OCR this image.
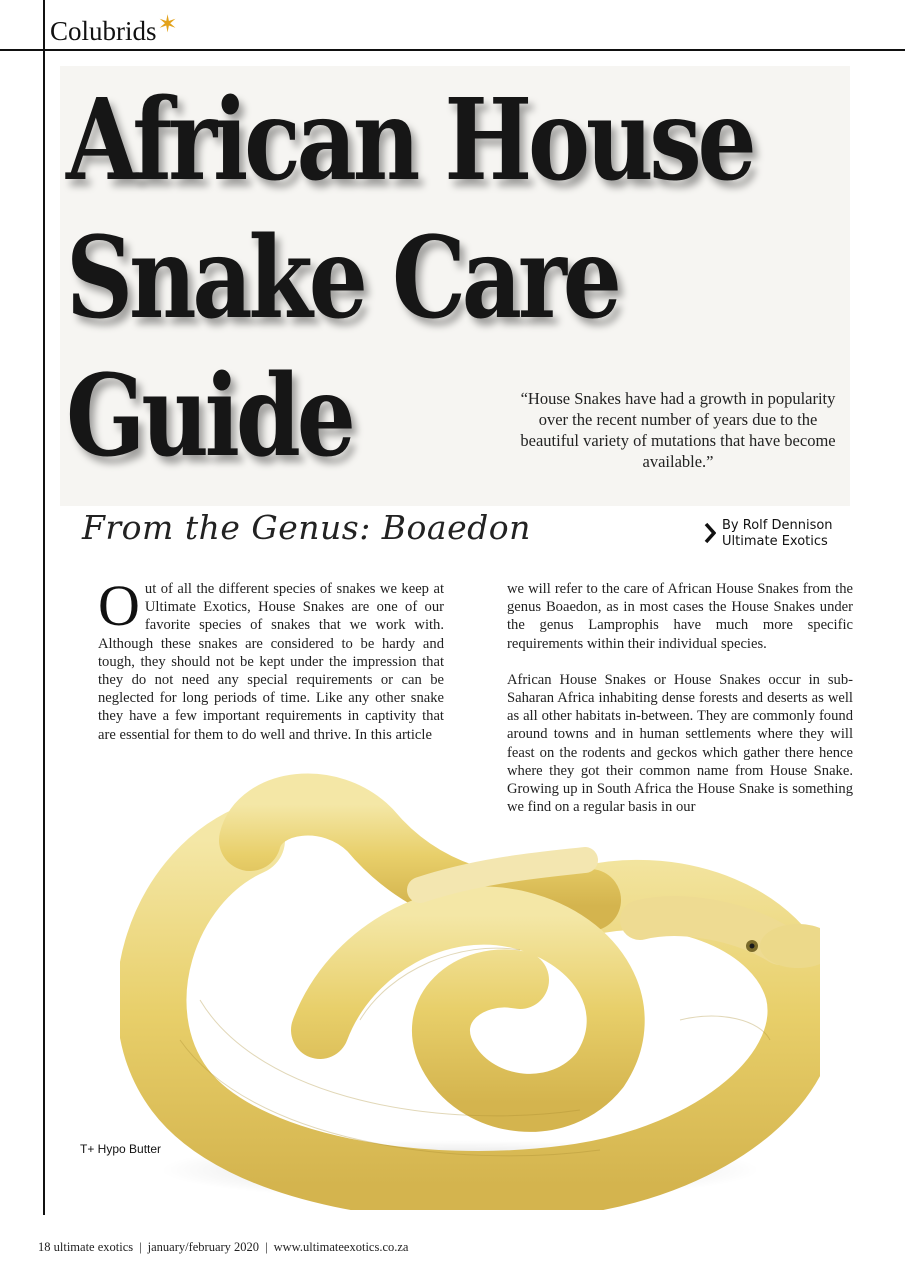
Colubrids✶
African House
Snake Care
Guide	“House Snakes have had a growth in popularity over the recent number of years due to the beautiful variety of mutations that have become available.”
From the Genus: Boaedon	By Rolf Dennison
Ultimate Exotics

Out of all the different species of snakes we keep at Ultimate Exotics, House Snakes are one of our favorite species of snakes that we work with. Although these snakes are considered to be hardy and tough, they should not be kept under the impression that they do not need any special requirements or can be neglected for long periods of time. Like any other snake they have a few important requirements in captivity that are essential for them to do well and thrive. In this article

we will refer to the care of African House Snakes from the genus Boaedon, as in most cases the House Snakes under the genus Lamprophis have much more specific requirements within their individual species.

African House Snakes or House Snakes occur in sub-Saharan Africa inhabiting dense forests and deserts as well as all other habitats in-between. They are commonly found around towns and in human settlements where they will feast on the rodents and geckos which gather there hence where they got their common name from House Snake. Growing up in South Africa the House Snake is something we find on a regular basis in our

T+ Hypo Butter
18 ultimate exotics | january/february 2020 | www.ultimateexotics.co.za
